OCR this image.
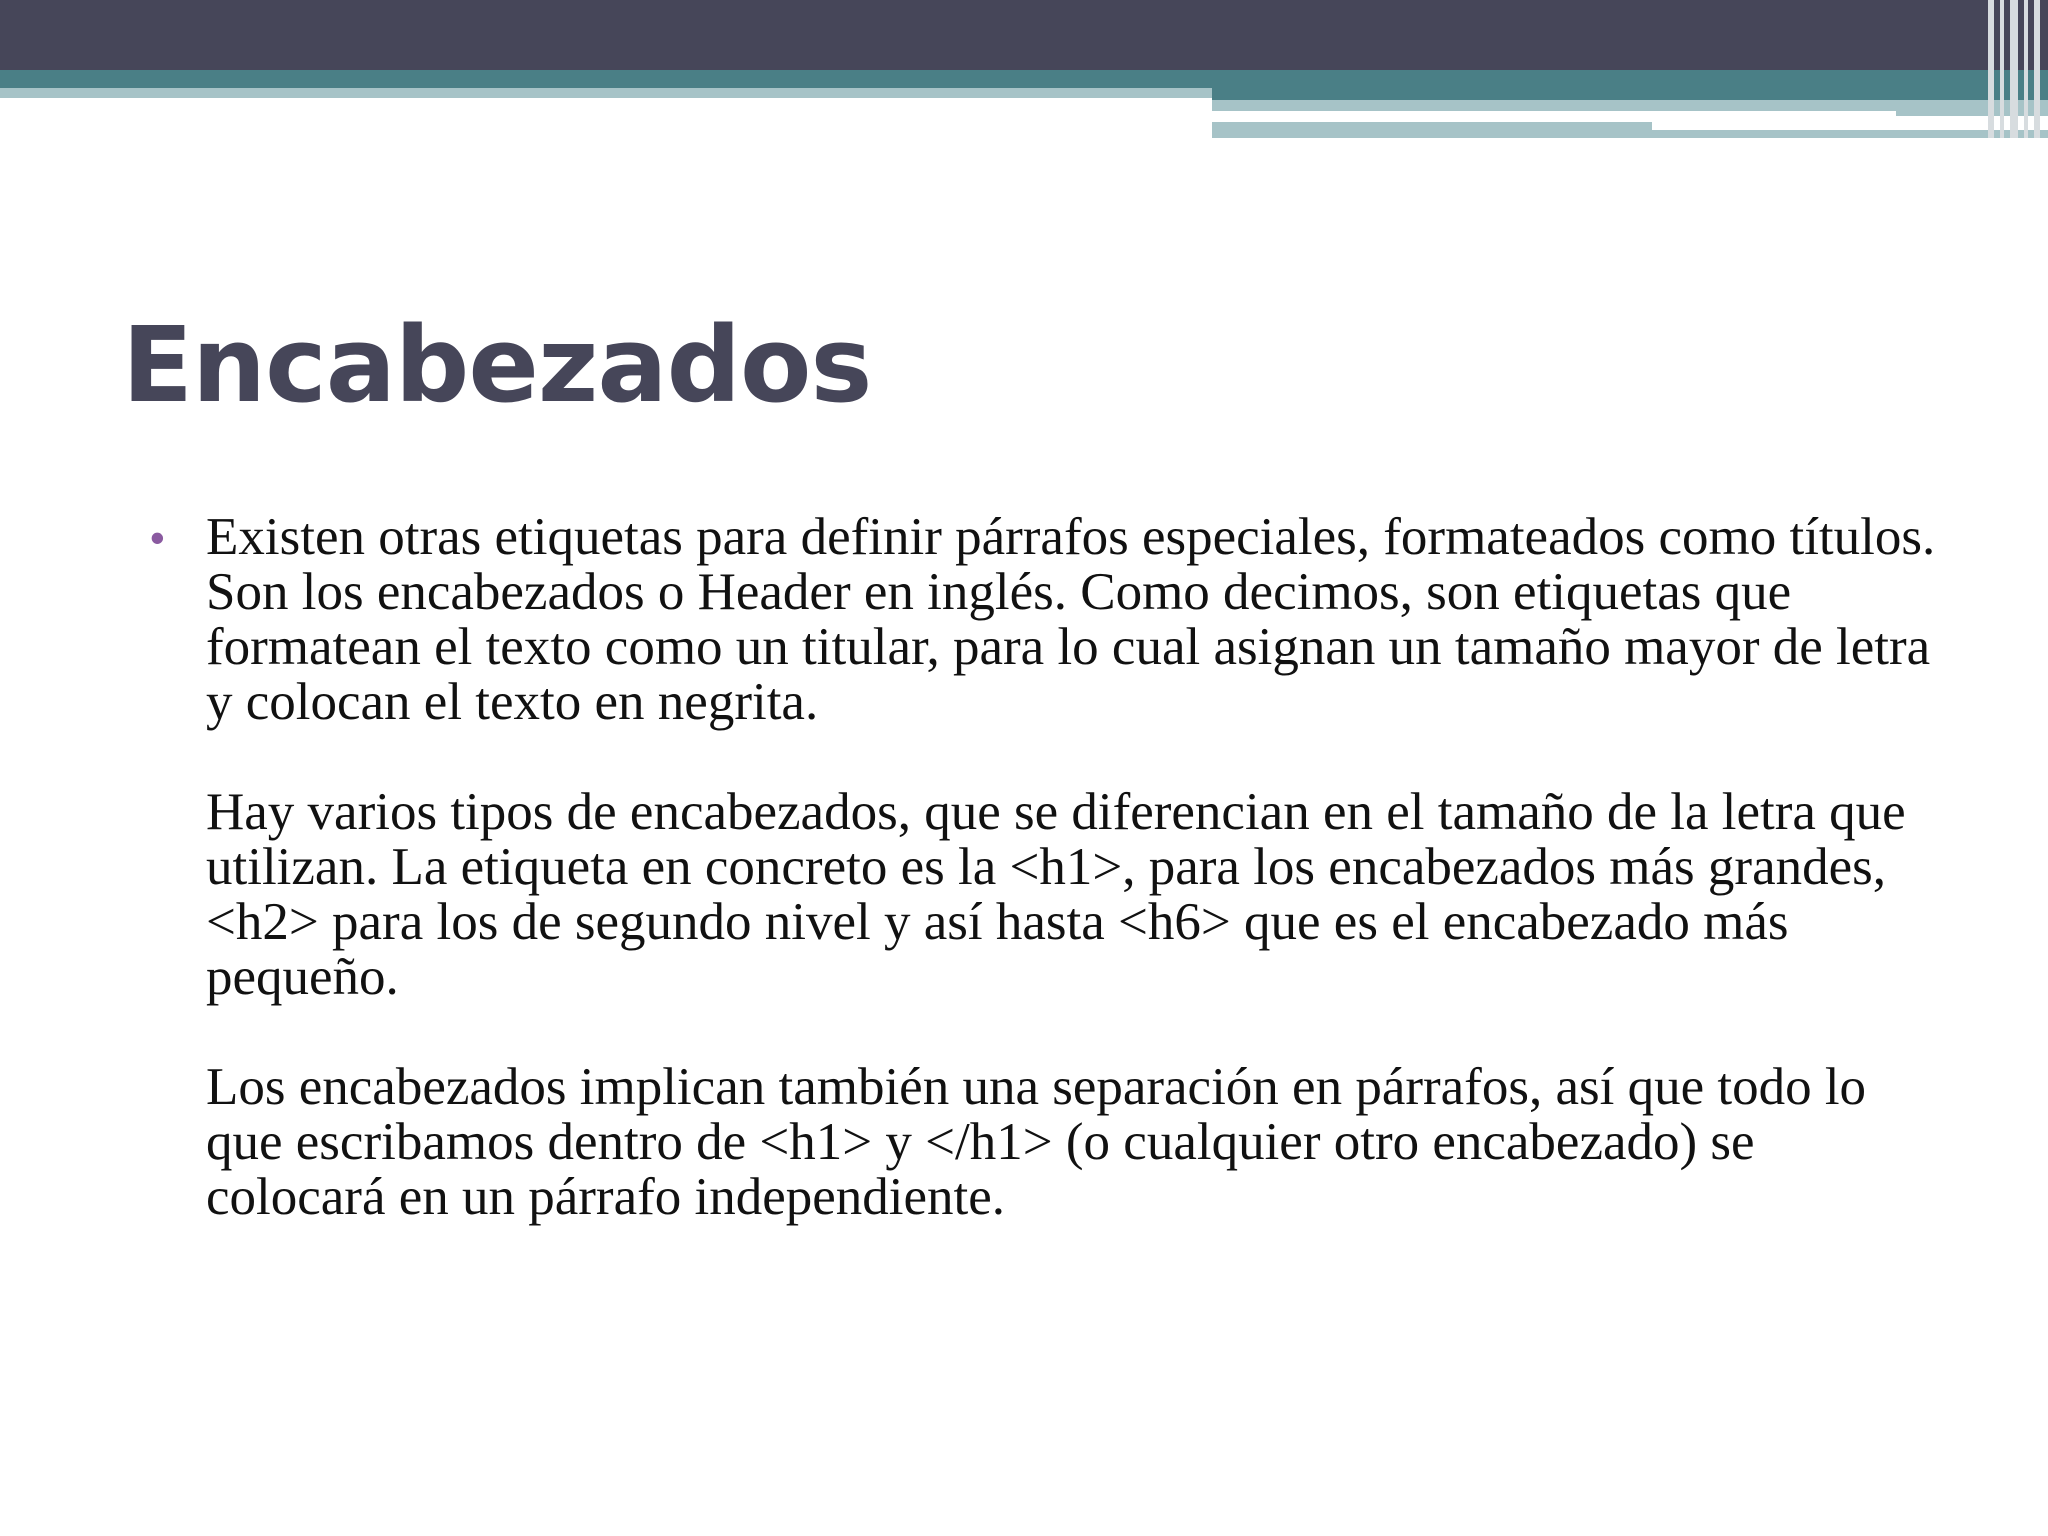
Encabezados
• Existen otras etiquetas para definir párrafos especiales, formateados como títulos. Son los encabezados o Header en inglés. Como decimos, son etiquetas que formatean el texto como un titular, para lo cual asignan un tamaño mayor de letra y colocan el texto en negrita.

Hay varios tipos de encabezados, que se diferencian en el tamaño de la letra que utilizan. La etiqueta en concreto es la <h1>, para los encabezados más grandes, <h2> para los de segundo nivel y así hasta <h6> que es el encabezado más pequeño.

Los encabezados implican también una separación en párrafos, así que todo lo que escribamos dentro de <h1> y </h1> (o cualquier otro encabezado) se colocará en un párrafo independiente.
